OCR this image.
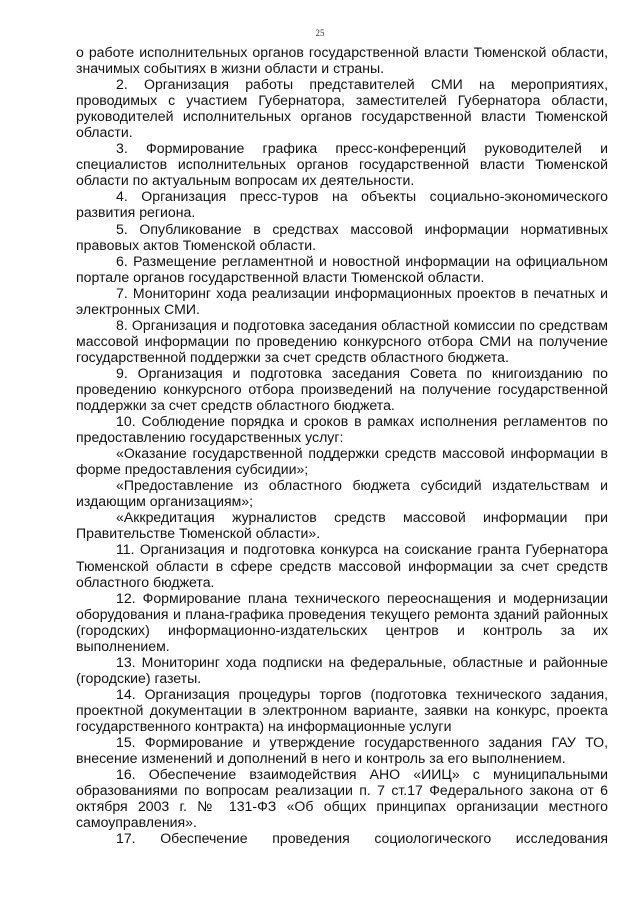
25

о работе исполнительных органов государственной власти Тюменской области, значимых событиях в жизни области и страны.

2. Организация работы представителей СМИ на мероприятиях, проводимых с участием Губернатора, заместителей Губернатора области, руководителей исполнительных органов государственной власти Тюменской области.

3. Формирование графика пресс-конференций руководителей и специалистов исполнительных органов государственной власти Тюменской области по актуальным вопросам их деятельности.

4. Организация пресс-туров на объекты социально-экономического развития региона.

5. Опубликование в средствах массовой информации нормативных правовых актов Тюменской области.

6. Размещение регламентной и новостной информации на официальном портале органов государственной власти Тюменской области.

7. Мониторинг хода реализации информационных проектов в печатных и электронных СМИ.

8. Организация и подготовка заседания областной комиссии по средствам массовой информации по проведению конкурсного отбора СМИ на получение государственной поддержки за счет средств областного бюджета.

9. Организация и подготовка заседания Совета по книгоизданию по проведению конкурсного отбора произведений на получение государственной поддержки за счет средств областного бюджета.

10. Соблюдение порядка и сроков в рамках исполнения регламентов по предоставлению государственных услуг:

«Оказание государственной поддержки средств массовой информации в форме предоставления субсидии»;

«Предоставление из областного бюджета субсидий издательствам и издающим организациям»;

«Аккредитация журналистов средств массовой информации при Правительстве Тюменской области».

11. Организация и подготовка конкурса на соискание гранта Губернатора Тюменской области в сфере средств массовой информации за счет средств областного бюджета.

12. Формирование плана технического переоснащения и модернизации оборудования и плана-графика проведения текущего ремонта зданий районных (городских) информационно-издательских центров и контроль за их выполнением.

13. Мониторинг хода подписки на федеральные, областные и районные (городские) газеты.

14. Организация процедуры торгов (подготовка технического задания, проектной документации в электронном варианте, заявки на конкурс, проекта государственного контракта) на информационные услуги

15. Формирование и утверждение государственного задания ГАУ ТО, внесение изменений и дополнений в него и контроль за его выполнением.

16. Обеспечение взаимодействия АНО «ИИЦ» с муниципальными образованиями по вопросам реализации п. 7 ст.17 Федерального закона от 6 октября 2003 г. № 131-ФЗ «Об общих принципах организации местного самоуправления».

17. Обеспечение проведения социологического исследования
